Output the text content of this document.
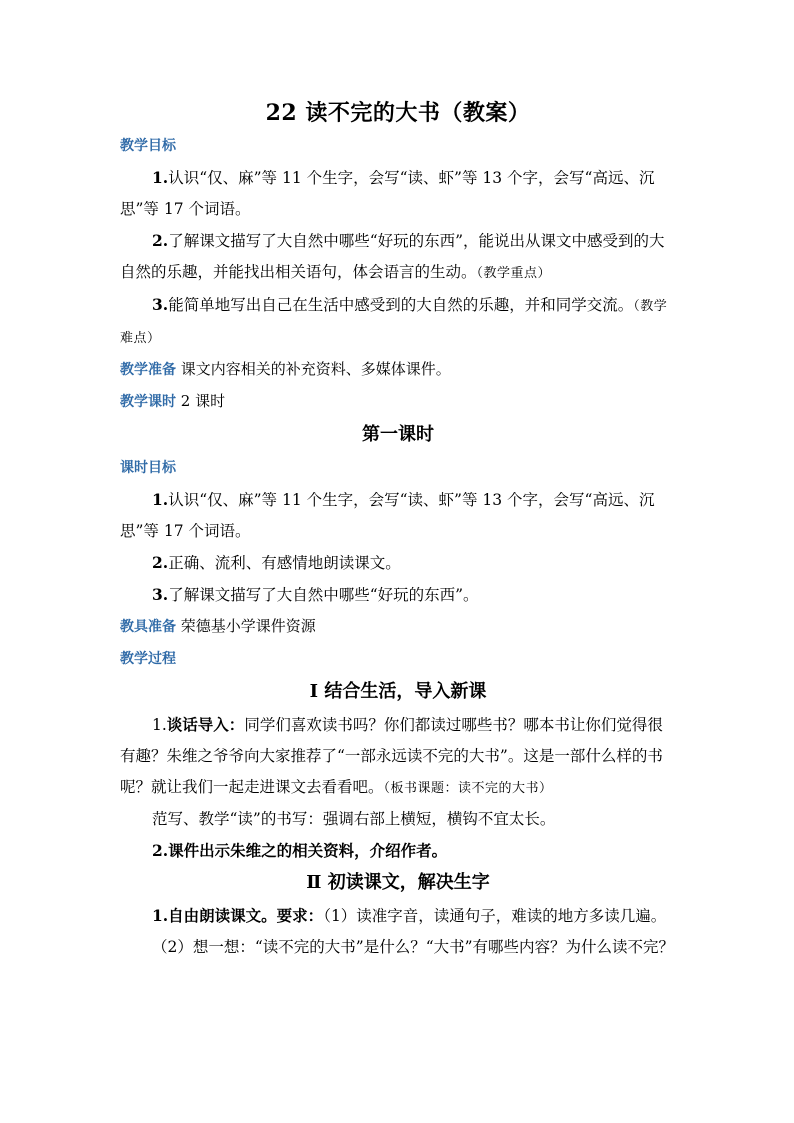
22 读不完的大书（教案）

教学目标

1.认识“仅、麻”等 11 个生字，会写“读、虾”等 13 个字，会写“高远、沉思”等 17 个词语。

2.了解课文描写了大自然中哪些“好玩的东西”，能说出从课文中感受到的大自然的乐趣，并能找出相关语句，体会语言的生动。（教学重点）

3.能简单地写出自己在生活中感受到的大自然的乐趣，并和同学交流。（教学难点）

教学准备 课文内容相关的补充资料、多媒体课件。

教学课时 2 课时

第一课时

课时目标

1.认识“仅、麻”等 11 个生字，会写“读、虾”等 13 个字，会写“高远、沉思”等 17 个词语。

2.正确、流利、有感情地朗读课文。

3.了解课文描写了大自然中哪些“好玩的东西”。

教具准备 荣德基小学课件资源

教学过程

Ⅰ 结合生活，导入新课

1.谈话导入：同学们喜欢读书吗？你们都读过哪些书？哪本书让你们觉得很有趣？朱维之爷爷向大家推荐了“一部永远读不完的大书”。这是一部什么样的书呢？就让我们一起走进课文去看看吧。（板书课题：读不完的大书）

范写、教学“读”的书写：强调右部上横短，横钩不宜太长。

2.课件出示朱维之的相关资料，介绍作者。

Ⅱ 初读课文，解决生字

1.自由朗读课文。要求：（1）读准字音，读通句子，难读的地方多读几遍。

（2）想一想：“读不完的大书”是什么？“大书”有哪些内容？为什么读不完？
